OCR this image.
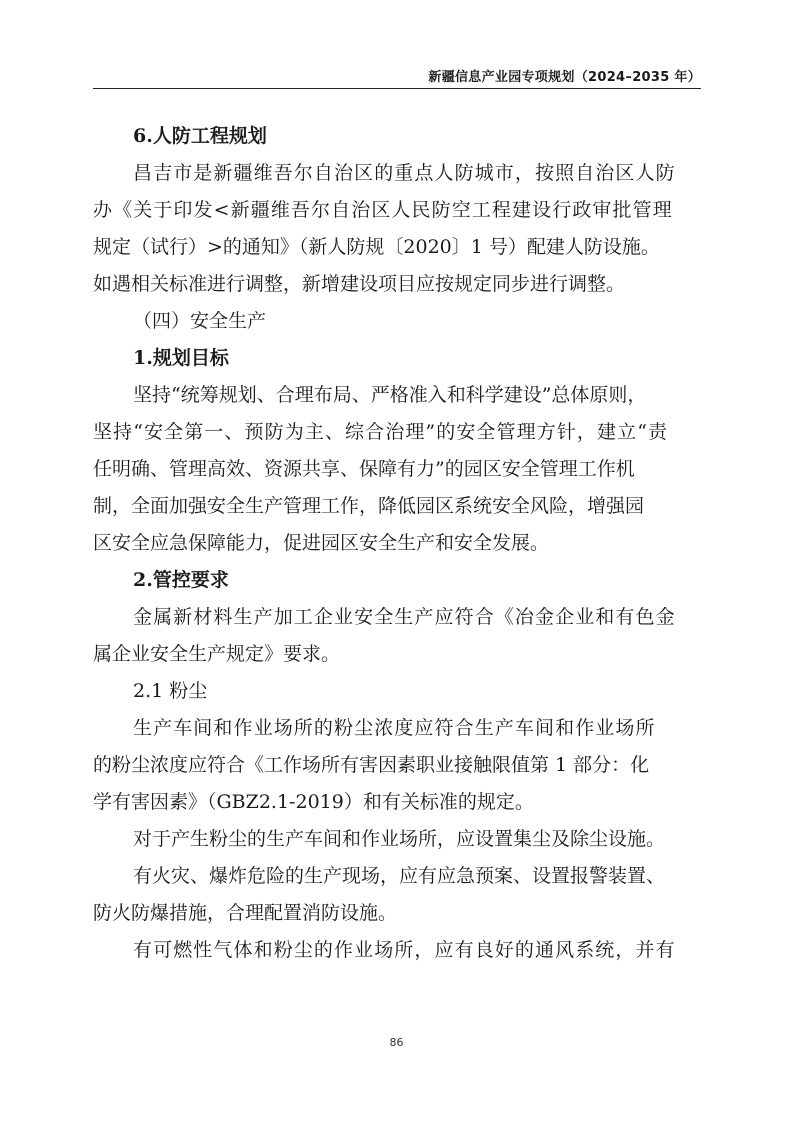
新疆信息产业园专项规划（2024–2035 年）
6.人防工程规划
昌吉市是新疆维吾尔自治区的重点人防城市，按照自治区人防
办《关于印发<新疆维吾尔自治区人民防空工程建设行政审批管理
规定（试行）>的通知》（新人防规〔2020〕1 号）配建人防设施。
如遇相关标准进行调整，新增建设项目应按规定同步进行调整。
（四）安全生产
1.规划目标
坚持“统筹规划、合理布局、严格准入和科学建设”总体原则，
坚持“安全第一、预防为主、综合治理”的安全管理方针，建立“责
任明确、管理高效、资源共享、保障有力”的园区安全管理工作机
制，全面加强安全生产管理工作，降低园区系统安全风险，增强园
区安全应急保障能力，促进园区安全生产和安全发展。
2.管控要求
金属新材料生产加工企业安全生产应符合《冶金企业和有色金
属企业安全生产规定》要求。
2.1 粉尘
生产车间和作业场所的粉尘浓度应符合生产车间和作业场所
的粉尘浓度应符合《工作场所有害因素职业接触限值第 1 部分：化
学有害因素》（GBZ2.1-2019）和有关标准的规定。
对于产生粉尘的生产车间和作业场所，应设置集尘及除尘设施。
有火灾、爆炸危险的生产现场，应有应急预案、设置报警装置、
防火防爆措施，合理配置消防设施。
有可燃性气体和粉尘的作业场所，应有良好的通风系统，并有
86
